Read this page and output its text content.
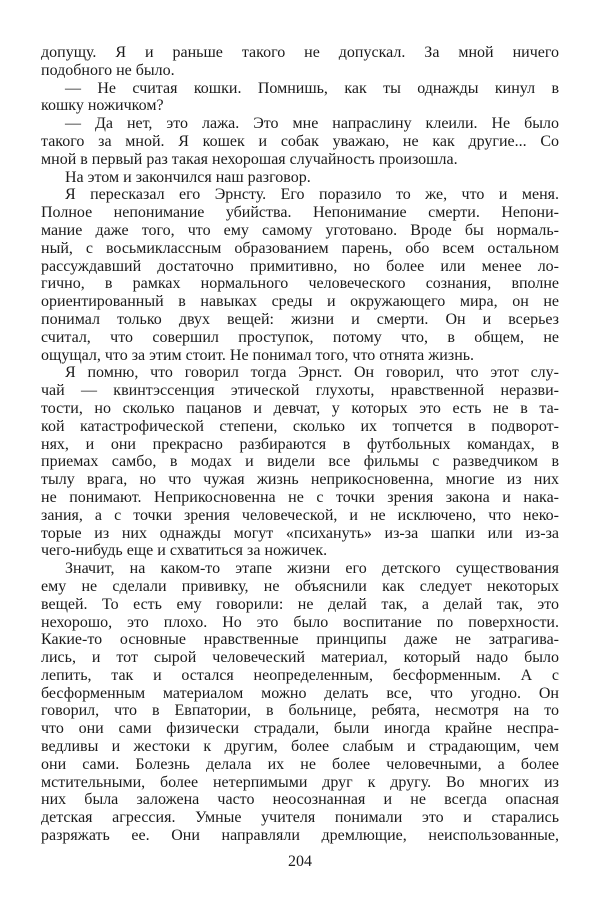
допущу. Я и раньше такого не допускал. За мной ничего
подобного не было.
— Не считая кошки. Помнишь, как ты однажды кинул в
кошку ножичком?
— Да нет, это лажа. Это мне напраслину клеили. Не было
такого за мной. Я кошек и собак уважаю, не как другие... Со
мной в первый раз такая нехорошая случайность произошла.
На этом и закончился наш разговор.
Я пересказал его Эрнсту. Его поразило то же, что и меня.
Полное непонимание убийства. Непонимание смерти. Непони-
мание даже того, что ему самому уготовано. Вроде бы нормаль-
ный, с восьмиклассным образованием парень, обо всем остальном
рассуждавший достаточно примитивно, но более или менее ло-
гично, в рамках нормального человеческого сознания, вполне
ориентированный в навыках среды и окружающего мира, он не
понимал только двух вещей: жизни и смерти. Он и всерьез
считал, что совершил проступок, потому что, в общем, не
ощущал, что за этим стоит. Не понимал того, что отнята жизнь.
Я помню, что говорил тогда Эрнст. Он говорил, что этот слу-
чай — квинтэссенция этической глухоты, нравственной неразви-
тости, но сколько пацанов и девчат, у которых это есть не в та-
кой катастрофической степени, сколько их топчется в подворот-
нях, и они прекрасно разбираются в футбольных командах, в
приемах самбо, в модах и видели все фильмы с разведчиком в
тылу врага, но что чужая жизнь неприкосновенна, многие из них
не понимают. Неприкосновенна не с точки зрения закона и нака-
зания, а с точки зрения человеческой, и не исключено, что неко-
торые из них однажды могут «психануть» из-за шапки или из-за
чего-нибудь еще и схватиться за ножичек.
Значит, на каком-то этапе жизни его детского существования
ему не сделали прививку, не объяснили как следует некоторых
вещей. То есть ему говорили: не делай так, а делай так, это
нехорошо, это плохо. Но это было воспитание по поверхности.
Какие-то основные нравственные принципы даже не затрагива-
лись, и тот сырой человеческий материал, который надо было
лепить, так и остался неопределенным, бесформенным. А с
бесформенным материалом можно делать все, что угодно. Он
говорил, что в Евпатории, в больнице, ребята, несмотря на то
что они сами физически страдали, были иногда крайне неспра-
ведливы и жестоки к другим, более слабым и страдающим, чем
они сами. Болезнь делала их не более человечными, а более
мстительными, более нетерпимыми друг к другу. Во многих из
них была заложена часто неосознанная и не всегда опасная
детская агрессия. Умные учителя понимали это и старались
разряжать ее. Они направляли дремлющие, неиспользованные,
204
